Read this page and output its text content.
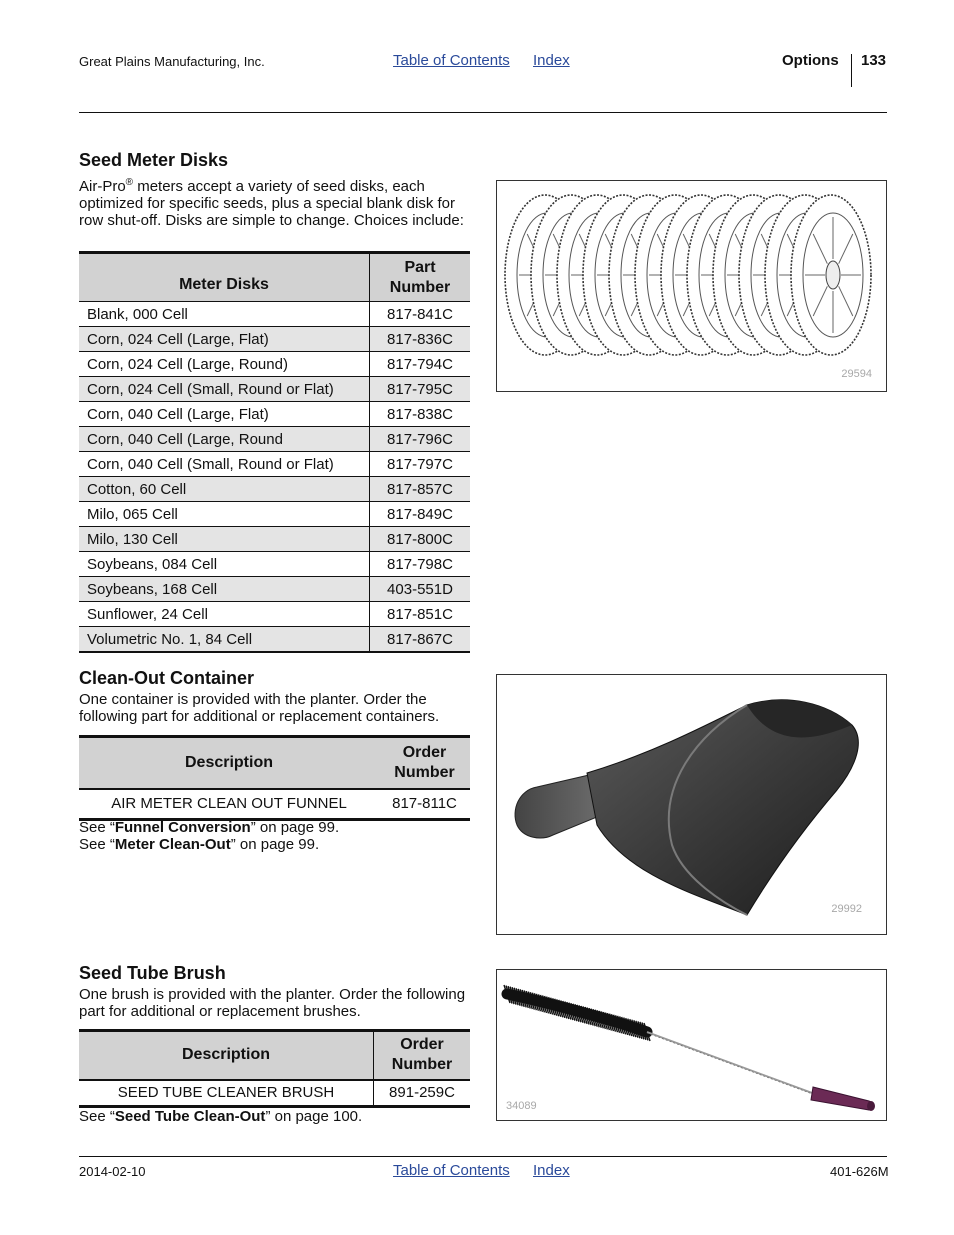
Great Plains Manufacturing, Inc.	Table of Contents Index	Options 133
Seed Meter Disks
Air-Pro® meters accept a variety of seed disks, each optimized for specific seeds, plus a special blank disk for row shut-off. Disks are simple to change. Choices include:
Meter Disks	Part
Number
Blank, 000 Cell	817-841C
Corn, 024 Cell (Large, Flat)	817-836C
Corn, 024 Cell (Large, Round)	817-794C
Corn, 024 Cell (Small, Round or Flat)	817-795C
Corn, 040 Cell (Large, Flat)	817-838C
Corn, 040 Cell (Large, Round	817-796C
Corn, 040 Cell (Small, Round or Flat)	817-797C
Cotton, 60 Cell	817-857C
Milo, 065 Cell	817-849C
Milo, 130 Cell	817-800C
Soybeans, 084 Cell	817-798C
Soybeans, 168 Cell	403-551D
Sunflower, 24 Cell	817-851C
Volumetric No. 1, 84 Cell	817-867C
29594
Clean-Out Container
One container is provided with the planter. Order the following part for additional or replacement containers.
Description	Order
Number
AIR METER CLEAN OUT FUNNEL	817-811C
See “Funnel Conversion” on page 99.
See “Meter Clean-Out” on page 99.
29992
Seed Tube Brush
One brush is provided with the planter. Order the following part for additional or replacement brushes.
Description	Order
Number
SEED TUBE CLEANER BRUSH	891-259C
See “Seed Tube Clean-Out” on page 100.
34089
2014-02-10	Table of Contents Index	401-626M
